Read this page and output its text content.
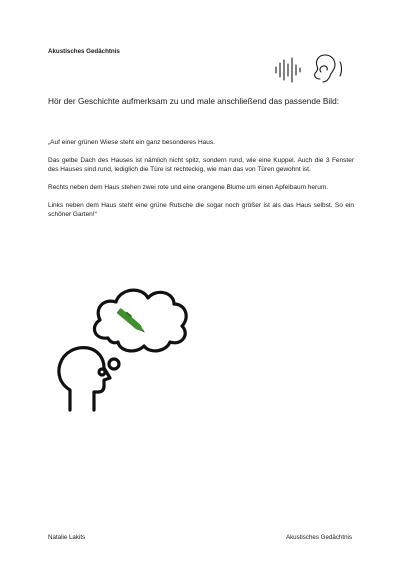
Akustisches Gedächtnis
Hör der Geschichte aufmerksam zu und male anschließend das passende Bild:

„Auf einer grünen Wiese steht ein ganz besonderes Haus.

Das gelbe Dach des Hauses ist nämlich nicht spitz, sondern rund, wie eine Kuppel. Auch die 3 Fenster des Hauses sind rund, lediglich die Türe ist rechteckig, wie man das von Türen gewohnt ist.

Rechts neben dem Haus stehen zwei rote und eine orangene Blume um einen Apfelbaum herum.

Links neben dem Haus steht eine grüne Rutsche die sogar noch größer ist als das Haus selbst. So ein schöner Garten!“

Natalie Lakits	Akustisches Gedächtnis
